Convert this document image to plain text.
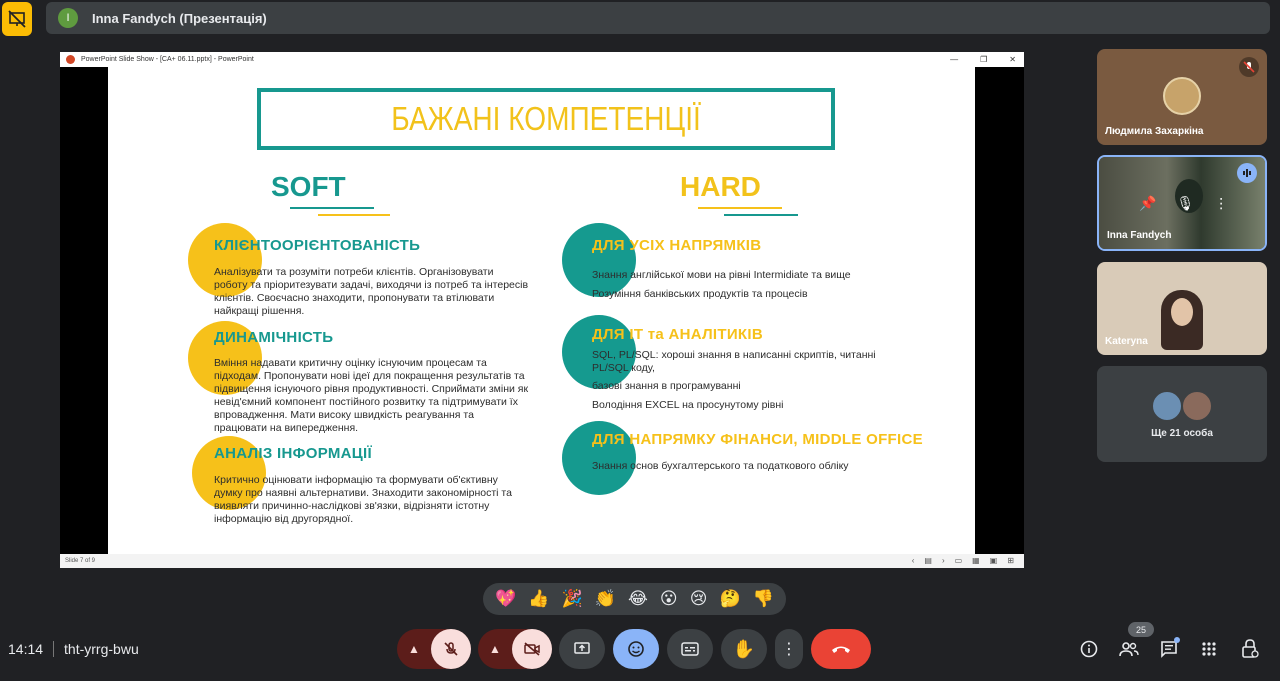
I	Inna Fandych (Презентація)
PowerPoint Slide Show - [CA+ 06.11.pptx] - PowerPoint	—	❐	✕
БАЖАНІ КОМПЕТЕНЦІЇ
SOFT	HARD
КЛІЄНТООРІЄНТОВАНІСТЬ
Аналізувати та розуміти потреби клієнтів. Організовувати
роботу та пріоритезувати задачі, виходячи із потреб та інтересів
клієнтів. Своєчасно знаходити, пропонувати та втілювати
найкращі рішення.
ДИНАМІЧНІСТЬ
Вміння надавати критичну оцінку існуючим процесам та
підходам. Пропонувати нові ідеї для покращення результатів та
підвищення існуючого рівня продуктивності. Сприймати зміни як
невід'ємний компонент постійного розвитку та підтримувати їх
впровадження. Мати високу швидкість реагування та
працювати на випередження.
АНАЛІЗ ІНФОРМАЦІЇ
Критично оцінювати інформацію та формувати об'єктивну
думку про наявні альтернативи. Знаходити закономірності та
виявляти причинно-наслідкові зв'язки, відрізняти істотну
інформацію від другорядної.
ДЛЯ УСІХ НАПРЯМКІВ
Знання англійської мови на рівні Intermidiate та вище
Розуміння банківських продуктів та процесів
ДЛЯ IT та АНАЛІТИКІВ
SQL, PL/SQL: хороші знання в написанні скриптів, читанні
PL/SQL коду,
базові знання в програмуванні
Володіння EXCEL на просунутому рівні
ДЛЯ НАПРЯМКУ ФІНАНСИ, MIDDLE OFFICE
Знання основ бухгалтерського та податкового обліку
Slide 7 of 9	‹ ▤ › ▭ ▦ ▣ ⊞
Людмила Захаркіна
📌 🎙 ⋮
Inna Fandych
Kateryna
Ще 21 особа
💖 👍 🎉 👏 😂 😮 😢 🤔 👎
14:14 tht-yrrg-bwu	▲	▲	✋ ⋮
25
